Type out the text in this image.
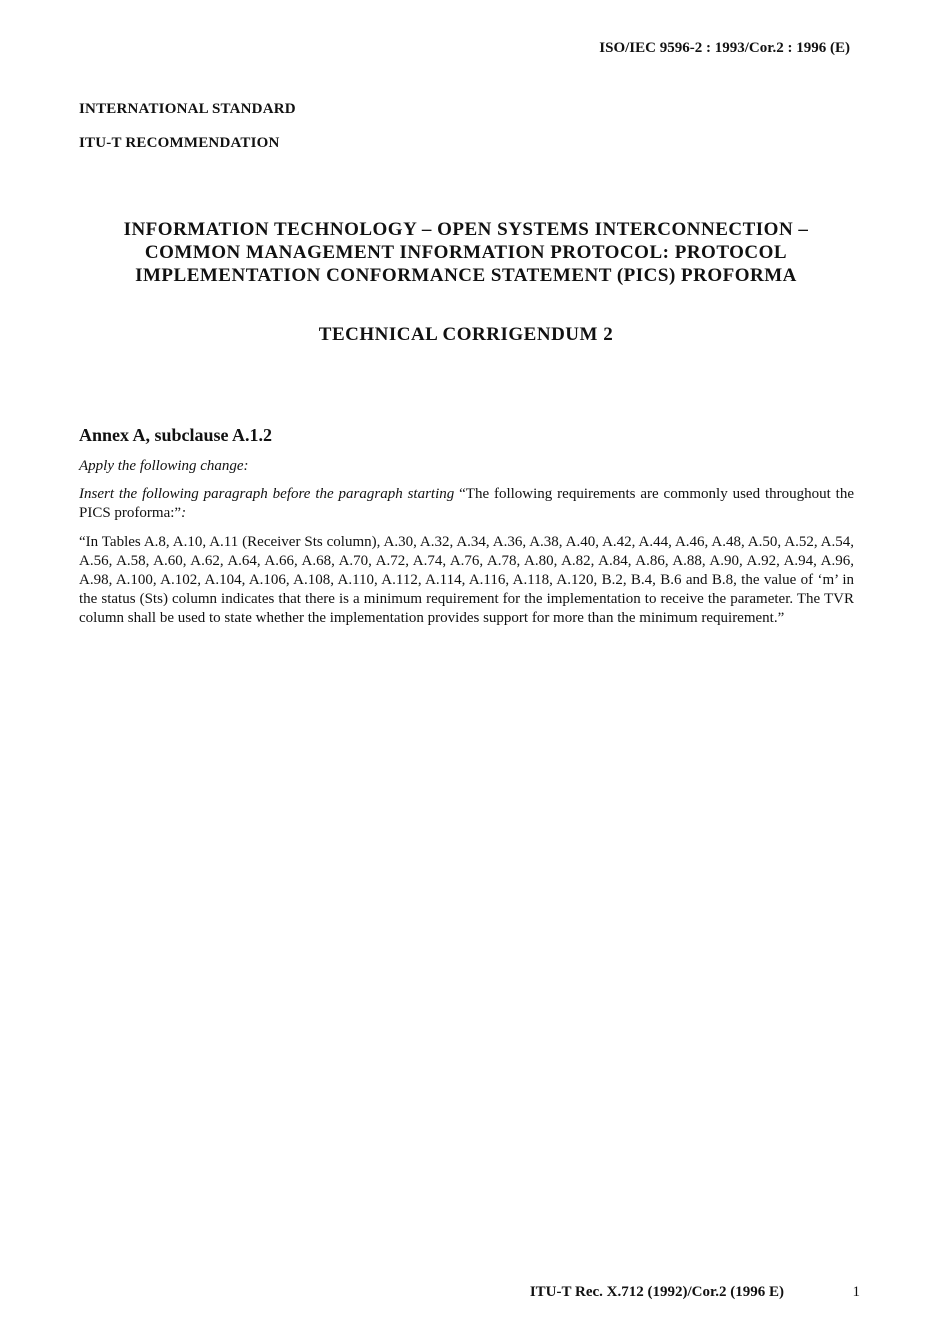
ISO/IEC 9596-2 : 1993/Cor.2 : 1996 (E)
INTERNATIONAL STANDARD
ITU-T RECOMMENDATION
INFORMATION TECHNOLOGY – OPEN SYSTEMS INTERCONNECTION –
COMMON MANAGEMENT INFORMATION PROTOCOL: PROTOCOL
IMPLEMENTATION CONFORMANCE STATEMENT (PICS) PROFORMA
TECHNICAL CORRIGENDUM 2
Annex A, subclause A.1.2
Apply the following change:
Insert the following paragraph before the paragraph starting “The following requirements are commonly used throughout the PICS proforma:”:
“In Tables A.8, A.10, A.11 (Receiver Sts column), A.30, A.32, A.34, A.36, A.38, A.40, A.42, A.44, A.46, A.48, A.50, A.52, A.54, A.56, A.58, A.60, A.62, A.64, A.66, A.68, A.70, A.72, A.74, A.76, A.78, A.80, A.82, A.84, A.86, A.88, A.90, A.92, A.94, A.96, A.98, A.100, A.102, A.104, A.106, A.108, A.110, A.112, A.114, A.116, A.118, A.120, B.2, B.4, B.6 and B.8, the value of ‘m’ in the status (Sts) column indicates that there is a minimum requirement for the implementation to receive the parameter. The TVR column shall be used to state whether the implementation provides support for more than the minimum requirement.”
ITU-T Rec. X.712 (1992)/Cor.2 (1996 E)	1
